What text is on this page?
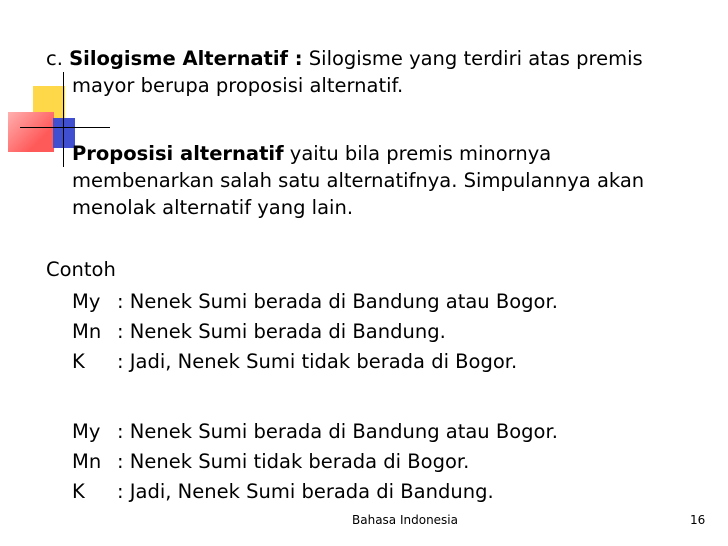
c. Silogisme Alternatif : Silogisme yang terdiri atas premis
mayor berupa proposisi alternatif.
Proposisi alternatif yaitu bila premis minornya
membenarkan salah satu alternatifnya. Simpulannya akan
menolak alternatif yang lain.
Contoh
My : Nenek Sumi berada di Bandung atau Bogor.
Mn : Nenek Sumi berada di Bandung.
K : Jadi, Nenek Sumi tidak berada di Bogor.
My : Nenek Sumi berada di Bandung atau Bogor.
Mn : Nenek Sumi tidak berada di Bogor.
K : Jadi, Nenek Sumi berada di Bandung.
Bahasa Indonesia	16
